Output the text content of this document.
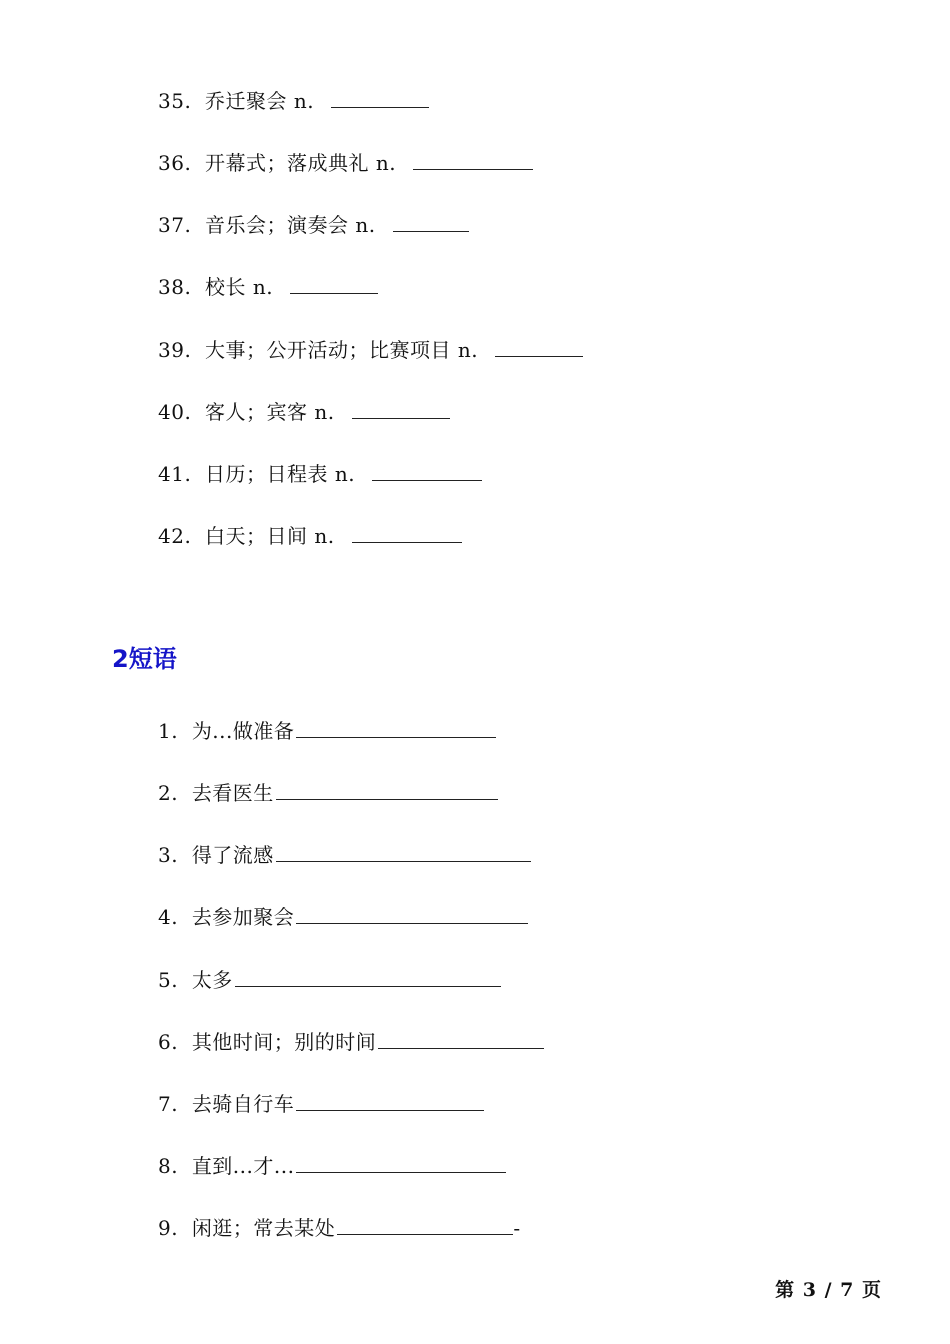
35. 乔迁聚会 n.
36. 开幕式；落成典礼 n.
37. 音乐会；演奏会 n.
38. 校长 n.
39. 大事；公开活动；比赛项目 n.
40. 客人；宾客 n.
41. 日历；日程表 n.
42. 白天；日间 n.
2短语
1. 为...做准备
2. 去看医生
3. 得了流感
4. 去参加聚会
5. 太多
6. 其他时间；别的时间
7. 去骑自行车
8. 直到...才...
9. 闲逛；常去某处	-
第 3 / 7 页
